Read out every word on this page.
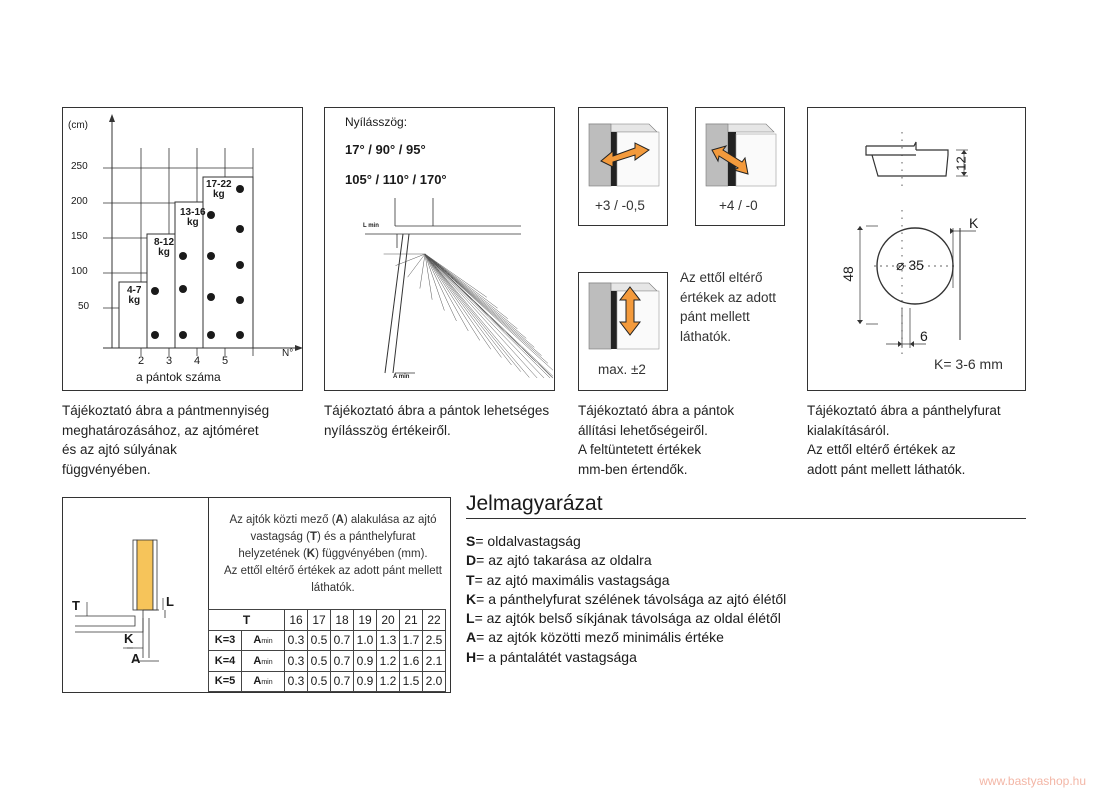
(cm)
250
200
150
100
50
2 3 4 5
N°
a pántok száma
4-7
kg
8-12
kg
13-16
kg
17-22
kg
Tájékoztató ábra a pántmennyiség
meghatározásához, az ajtóméret
és az ajtó súlyának
függvényében.
Nyílásszög:
17° / 90° / 95°
105° / 110° / 170°
L min
A min
Tájékoztató ábra a pántok lehetséges
nyílásszög értékeiről.
+3 / -0,5	+4 / -0
max. ±2
Az ettől eltérő
értékek az adott
pánt mellett
láthatók.
Tájékoztató ábra a pántok
állítási lehetőségeiről.
A feltüntetett értékek
mm-ben értendők.
12
48
⌀ 35
6
K
K= 3-6 mm
Tájékoztató ábra a pánthelyfurat
kialakításáról.
Az ettől eltérő értékek az
adott pánt mellett láthatók.
T	L
K
A
Az ajtók közti mező (A) alakulása az ajtó vastagság (T) és a pánthelyfurat helyzetének (K) függvényében (mm).
Az ettől eltérő értékek az adott pánt mellett láthatók.
T		16	17	18	19	20	21	22
K=3	Amin	0.3	0.5	0.7	1.0	1.3	1.7	2.5
K=4	Amin	0.3	0.5	0.7	0.9	1.2	1.6	2.1
K=5	Amin	0.3	0.5	0.7	0.9	1.2	1.5	2.0
Jelmagyarázat
S= oldalvastagság
D= az ajtó takarása az oldalra
T= az ajtó maximális vastagsága
K= a pánthelyfurat szélének távolsága az ajtó élétől
L= az ajtók belső síkjának távolsága az oldal élétől
A= az ajtók közötti mező minimális értéke
H= a pántalátét vastagsága
www.bastyashop.hu
